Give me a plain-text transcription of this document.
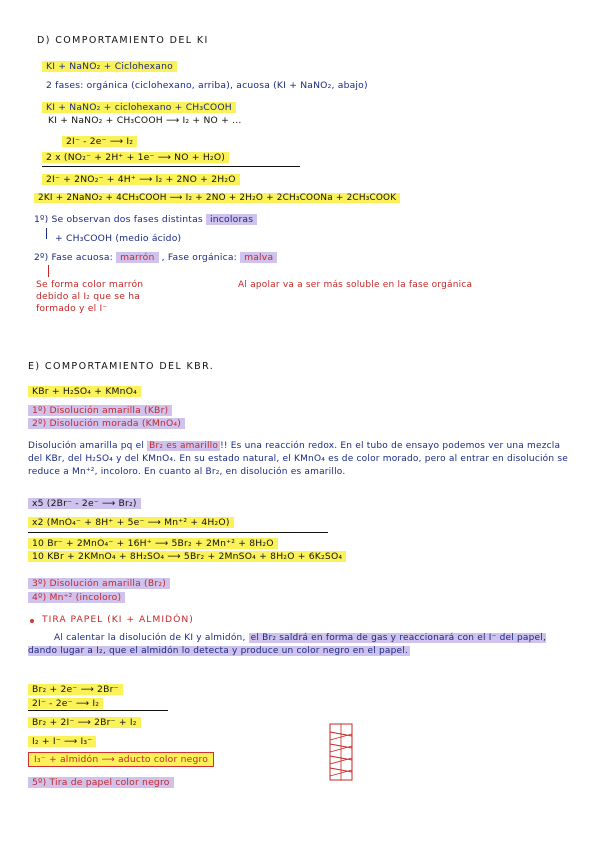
D) COMPORTAMIENTO DEL KI
KI + NaNO₂ + Ciclohexano
2 fases: orgánica (ciclohexano, arriba), acuosa (KI + NaNO₂, abajo)
KI + NaNO₂ + ciclohexano + CH₃COOH
KI + NaNO₂ + CH₃COOH ⟶ I₂ + NO + ...
2I⁻ - 2e⁻ ⟶ I₂
2 x (NO₂⁻ + 2H⁺ + 1e⁻ ⟶ NO + H₂O)
2I⁻ + 2NO₂⁻ + 4H⁺ ⟶ I₂ + 2NO + 2H₂O
2KI + 2NaNO₂ + 4CH₃COOH ⟶ I₂ + 2NO + 2H₂O + 2CH₃COONa + 2CH₃COOK
1º) Se observan dos fases distintas incoloras
+ CH₃COOH (medio ácido)
2º) Fase acuosa: marrón , Fase orgánica: malva
Se forma color marrón
debido al I₂ que se ha
formado y el I⁻
Al apolar va a ser más soluble en la fase orgánica
E) COMPORTAMIENTO DEL KBR.
KBr + H₂SO₄ + KMnO₄
1º) Disolución amarilla (KBr)
2º) Disolución morada (KMnO₄)
Disolución amarilla pq el Br₂ es amarillo !! Es una reacción redox. En el tubo de ensayo podemos ver una mezcla del KBr, del H₂SO₄ y del KMnO₄. En su estado natural, el KMnO₄ es de color morado, pero al entrar en disolución se reduce a Mn⁺², incoloro. En cuanto al Br₂, en disolución es amarillo.
x5 (2Br⁻ - 2e⁻ ⟶ Br₂)
x2 (MnO₄⁻ + 8H⁺ + 5e⁻ ⟶ Mn⁺² + 4H₂O)
10 Br⁻ + 2MnO₄⁻ + 16H⁺ ⟶ 5Br₂ + 2Mn⁺² + 8H₂O
10 KBr + 2KMnO₄ + 8H₂SO₄ ⟶ 5Br₂ + 2MnSO₄ + 8H₂O + 6K₂SO₄
3º) Disolución amarilla (Br₂)
4º) Mn⁺² (incoloro)
TIRA PAPEL (KI + ALMIDÓN)
Al calentar la disolución de KI y almidón, el Br₂ saldrá en forma de gas y reaccionará con el I⁻ del papel, dando lugar a I₂, que el almidón lo detecta y produce un color negro en el papel.
Br₂ + 2e⁻ ⟶ 2Br⁻
2I⁻ - 2e⁻ ⟶ I₂
Br₂ + 2I⁻ ⟶ 2Br⁻ + I₂
I₂ + I⁻ ⟶ I₃⁻
I₃⁻ + almidón ⟶ aducto color negro
5º) Tira de papel color negro
